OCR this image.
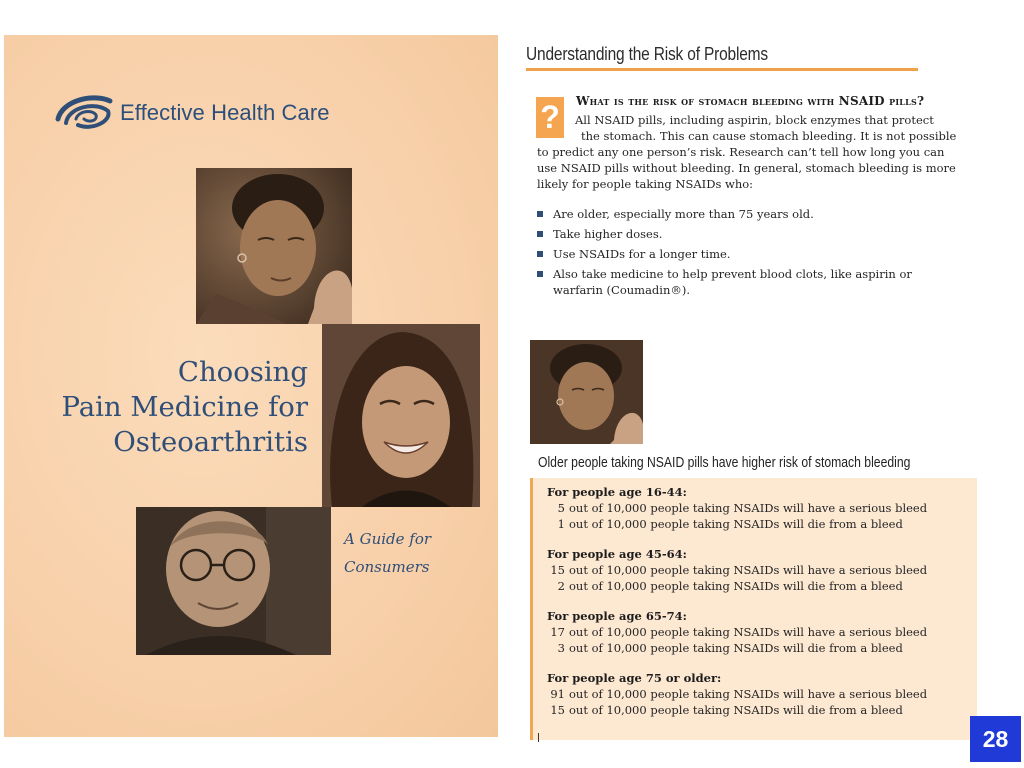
Effective Health Care
Choosing
Pain Medicine for
Osteoarthritis
A Guide for
Consumers
Understanding the Risk of Problems
?	What is the risk of stomach bleeding with NSAID pills?
All NSAID pills, including aspirin, block enzymes that protect
the stomach. This can cause stomach bleeding. It is not possible
to predict any one person’s risk. Research can’t tell how long you can
use NSAID pills without bleeding. In general, stomach bleeding is more
likely for people taking NSAIDs who:
Are older, especially more than 75 years old.
Take higher doses.
Use NSAIDs for a longer time.
Also take medicine to help prevent blood clots, like aspirin or
warfarin (Coumadin®).
Older people taking NSAID pills have higher risk of stomach bleeding
For people age 16-44:
5 out of 10,000 people taking NSAIDs will have a serious bleed
1 out of 10,000 people taking NSAIDs will die from a bleed
For people age 45-64:
15 out of 10,000 people taking NSAIDs will have a serious bleed
2 out of 10,000 people taking NSAIDs will die from a bleed
For people age 65-74:
17 out of 10,000 people taking NSAIDs will have a serious bleed
3 out of 10,000 people taking NSAIDs will die from a bleed
For people age 75 or older:
91 out of 10,000 people taking NSAIDs will have a serious bleed
15 out of 10,000 people taking NSAIDs will die from a bleed
28
